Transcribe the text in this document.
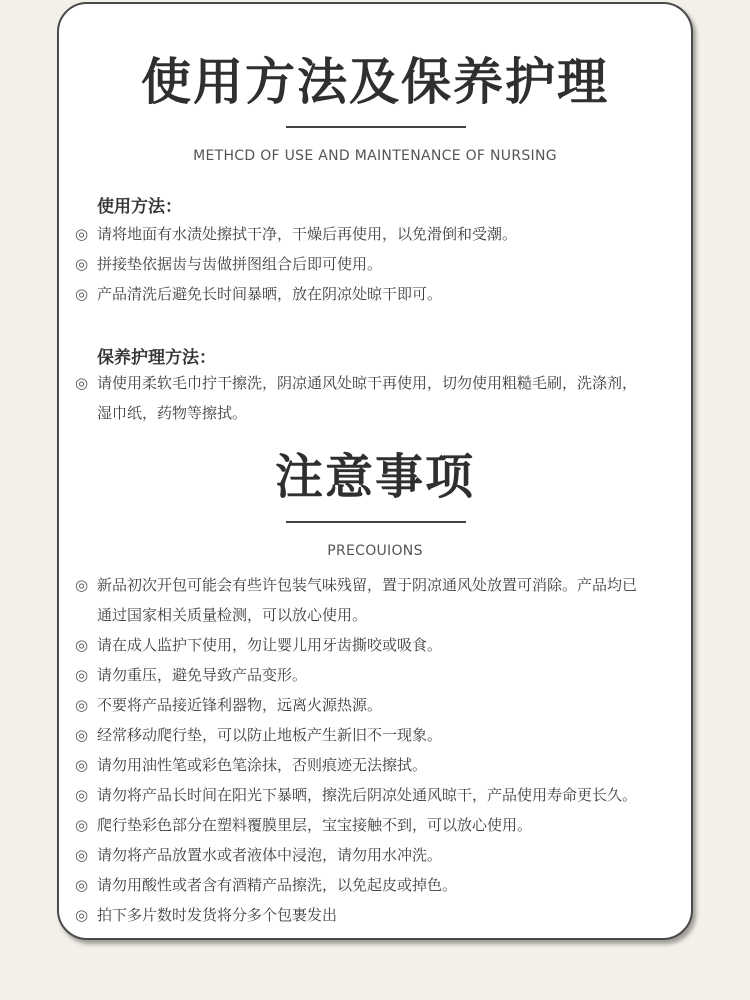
使用方法及保养护理
METHCD OF USE AND MAINTENANCE OF NURSING
使用方法：
◎ 请将地面有水渍处擦拭干净，干燥后再使用，以免滑倒和受潮。
◎ 拼接垫依据齿与齿做拼图组合后即可使用。
◎ 产品清洗后避免长时间暴晒，放在阴凉处晾干即可。
保养护理方法：
◎ 请使用柔软毛巾拧干擦洗，阴凉通风处晾干再使用，切勿使用粗糙毛刷，洗涤剂，
湿巾纸，药物等擦拭。
注意事项
PRECOUIONS
◎ 新品初次开包可能会有些许包装气味残留，置于阴凉通风处放置可消除。产品均已
通过国家相关质量检测，可以放心使用。
◎ 请在成人监护下使用，勿让婴儿用牙齿撕咬或吸食。
◎ 请勿重压，避免导致产品变形。
◎ 不要将产品接近锋利器物，远离火源热源。
◎ 经常移动爬行垫，可以防止地板产生新旧不一现象。
◎ 请勿用油性笔或彩色笔涂抹，否则痕迹无法擦拭。
◎ 请勿将产品长时间在阳光下暴晒，擦洗后阴凉处通风晾干，产品使用寿命更长久。
◎ 爬行垫彩色部分在塑料覆膜里层，宝宝接触不到，可以放心使用。
◎ 请勿将产品放置水或者液体中浸泡，请勿用水冲洗。
◎ 请勿用酸性或者含有酒精产品擦洗，以免起皮或掉色。
◎ 拍下多片数时发货将分多个包裹发出
